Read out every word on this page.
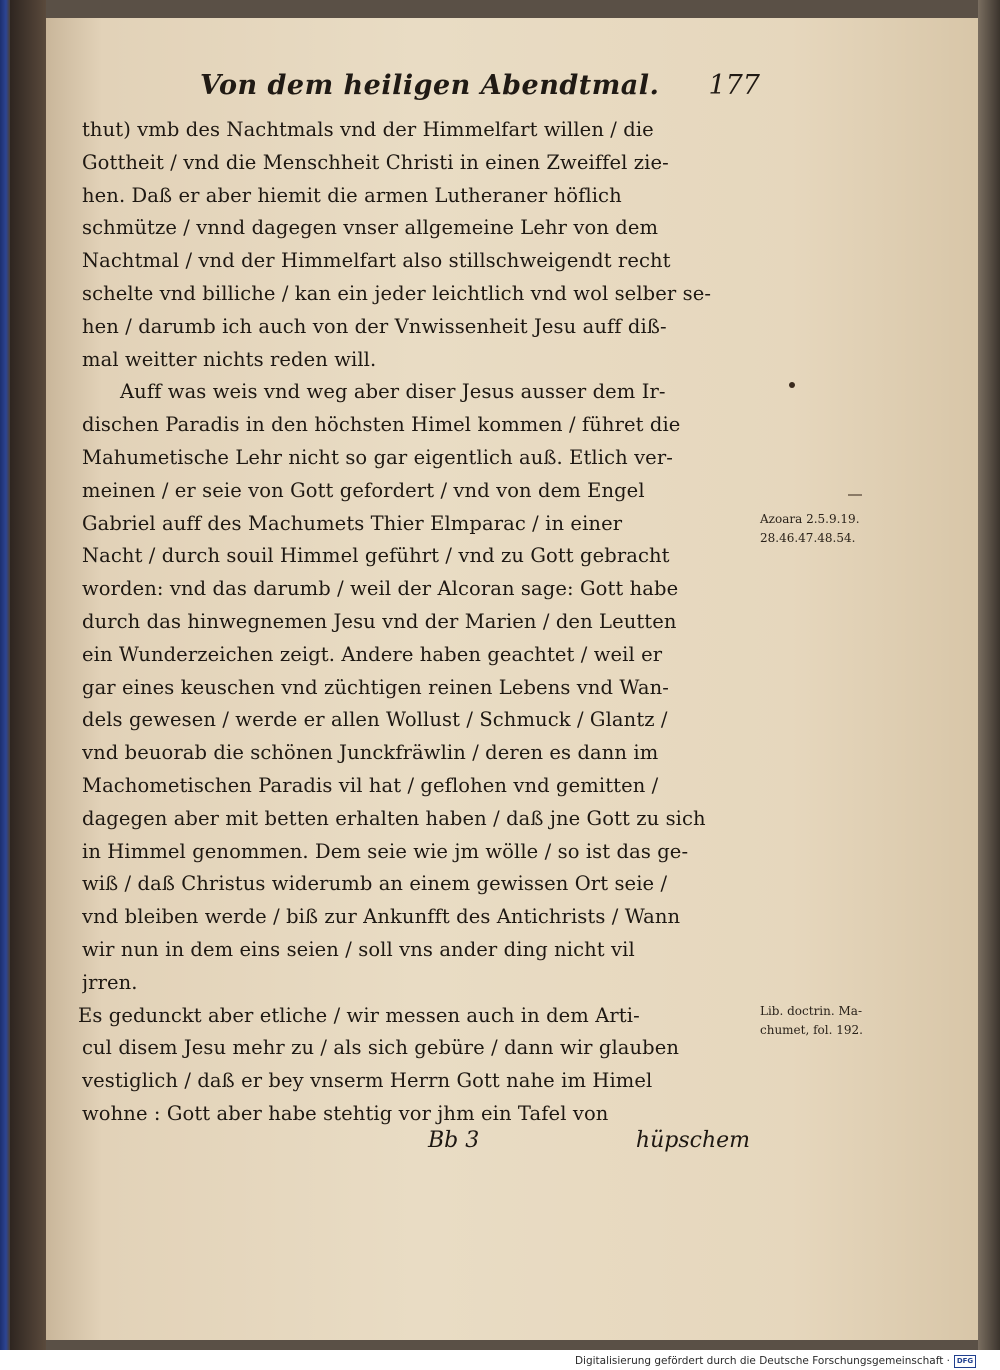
Von dem heiligen Abendtmal. 177
thut) vmb des Nachtmals vnd der Himmelfart willen / die
Gottheit / vnd die Menschheit Christi in einen Zweiffel zie-
hen. Daß er aber hiemit die armen Lutheraner höflich
schmütze / vnnd dagegen vnser allgemeine Lehr von dem
Nachtmal / vnd der Himmelfart also stillschweigendt recht
schelte vnd billiche / kan ein jeder leichtlich vnd wol selber se-
hen / darumb ich auch von der Vnwissenheit Jesu auff diß-
mal weitter nichts reden will.
Auff was weis vnd weg aber diser Jesus ausser dem Ir-
dischen Paradis in den höchsten Himel kommen / führet die
Mahumetische Lehr nicht so gar eigentlich auß. Etlich ver-
meinen / er seie von Gott gefordert / vnd von dem Engel
Gabriel auff des Machumets Thier Elmparac / in einer
Nacht / durch souil Himmel geführt / vnd zu Gott gebracht
worden: vnd das darumb / weil der Alcoran sage: Gott habe
durch das hinwegnemen Jesu vnd der Marien / den Leutten
ein Wunderzeichen zeigt. Andere haben geachtet / weil er
gar eines keuschen vnd züchtigen reinen Lebens vnd Wan-
dels gewesen / werde er allen Wollust / Schmuck / Glantz /
vnd beuorab die schönen Junckfräwlin / deren es dann im
Machometischen Paradis vil hat / geflohen vnd gemitten /
dagegen aber mit betten erhalten haben / daß jne Gott zu sich
in Himmel genommen. Dem seie wie jm wölle / so ist das ge-
wiß / daß Christus widerumb an einem gewissen Ort seie /
vnd bleiben werde / biß zur Ankunfft des Antichrists / Wann
wir nun in dem eins seien / soll vns ander ding nicht vil
jrren.
Es gedunckt aber etliche / wir messen auch in dem Arti-
cul disem Jesu mehr zu / als sich gebüre / dann wir glauben
vestiglich / daß er bey vnserm Herrn Gott nahe im Himel
wohne : Gott aber habe stehtig vor jhm ein Tafel von
Azoara 2.5.9.19.
28.46.47.48.54.
Lib. doctrin. Ma-
chumet, fol. 192.
Bb 3	hüpschem
Digitalisierung gefördert durch die Deutsche Forschungsgemeinschaft · DFG
